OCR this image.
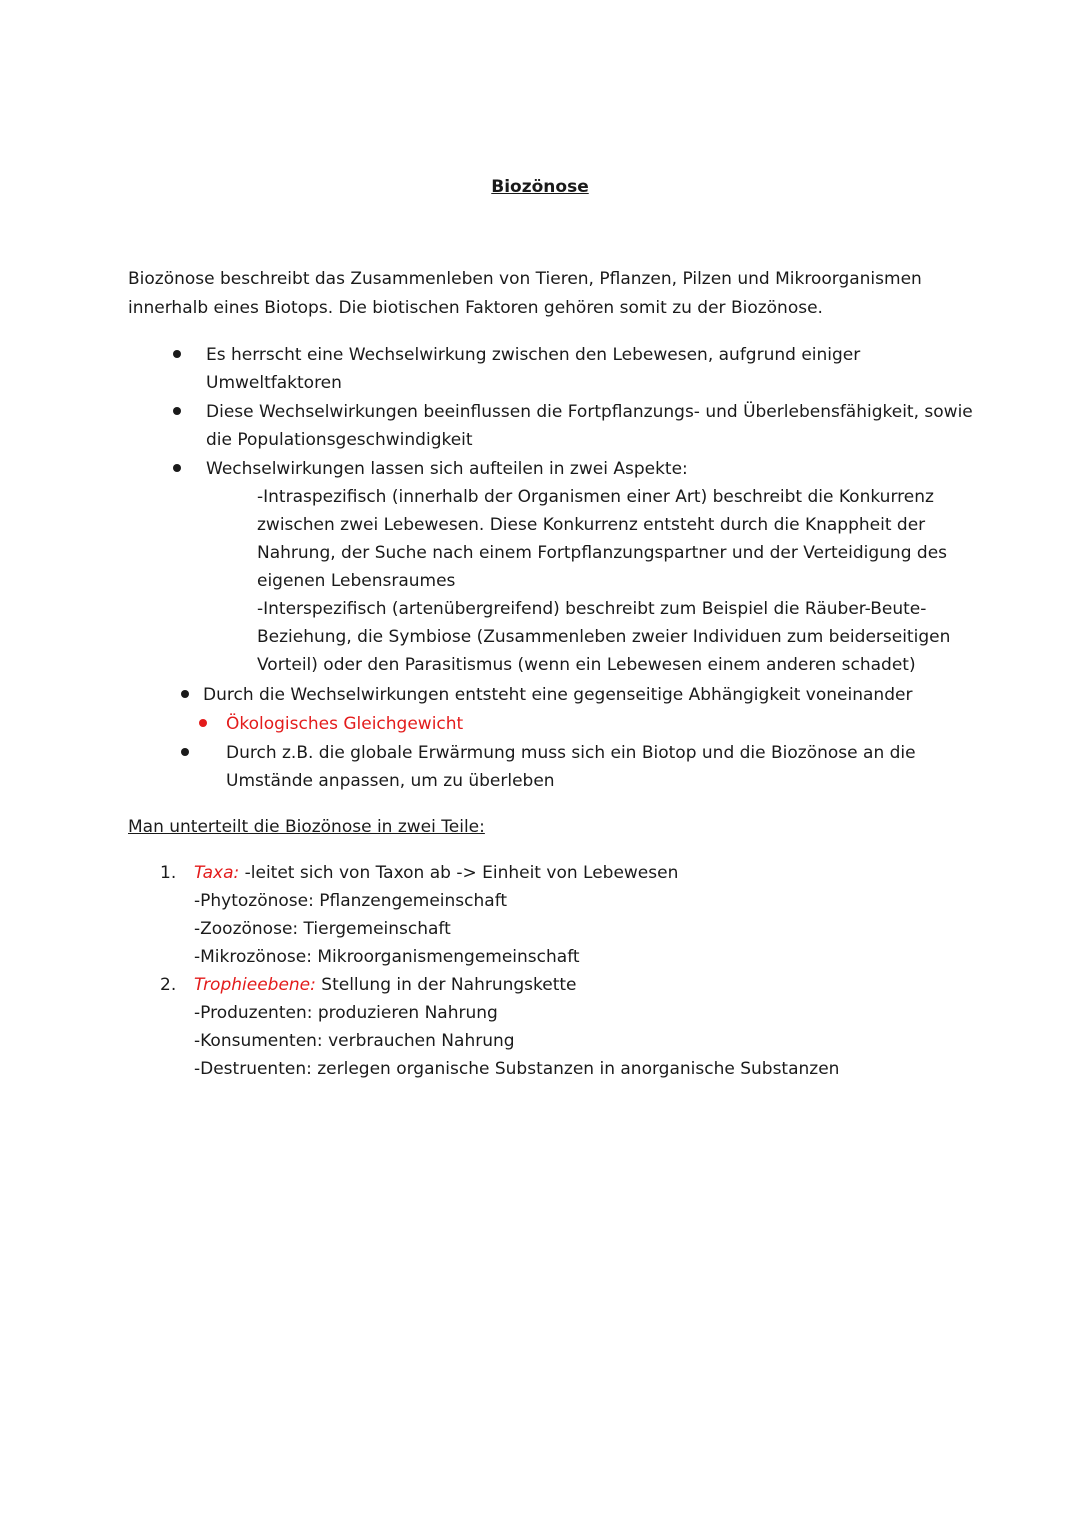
Biozönose
Biozönose beschreibt das Zusammenleben von Tieren, Pflanzen, Pilzen und Mikroorganismen
innerhalb eines Biotops. Die biotischen Faktoren gehören somit zu der Biozönose.
Es herrscht eine Wechselwirkung zwischen den Lebewesen, aufgrund einiger
Umweltfaktoren
Diese Wechselwirkungen beeinflussen die Fortpflanzungs- und Überlebensfähigkeit, sowie
die Populationsgeschwindigkeit
Wechselwirkungen lassen sich aufteilen in zwei Aspekte:
-Intraspezifisch (innerhalb der Organismen einer Art) beschreibt die Konkurrenz
zwischen zwei Lebewesen. Diese Konkurrenz entsteht durch die Knappheit der
Nahrung, der Suche nach einem Fortpflanzungspartner und der Verteidigung des
eigenen Lebensraumes
-Interspezifisch (artenübergreifend) beschreibt zum Beispiel die Räuber-Beute-
Beziehung, die Symbiose (Zusammenleben zweier Individuen zum beiderseitigen
Vorteil) oder den Parasitismus (wenn ein Lebewesen einem anderen schadet)
Durch die Wechselwirkungen entsteht eine gegenseitige Abhängigkeit voneinander
Ökologisches Gleichgewicht
Durch z.B. die globale Erwärmung muss sich ein Biotop und die Biozönose an die
Umstände anpassen, um zu überleben
Man unterteilt die Biozönose in zwei Teile:
1. Taxa: -leitet sich von Taxon ab -> Einheit von Lebewesen
-Phytozönose: Pflanzengemeinschaft
-Zoozönose: Tiergemeinschaft
-Mikrozönose: Mikroorganismengemeinschaft
2. Trophieebene: Stellung in der Nahrungskette
-Produzenten: produzieren Nahrung
-Konsumenten: verbrauchen Nahrung
-Destruenten: zerlegen organische Substanzen in anorganische Substanzen
